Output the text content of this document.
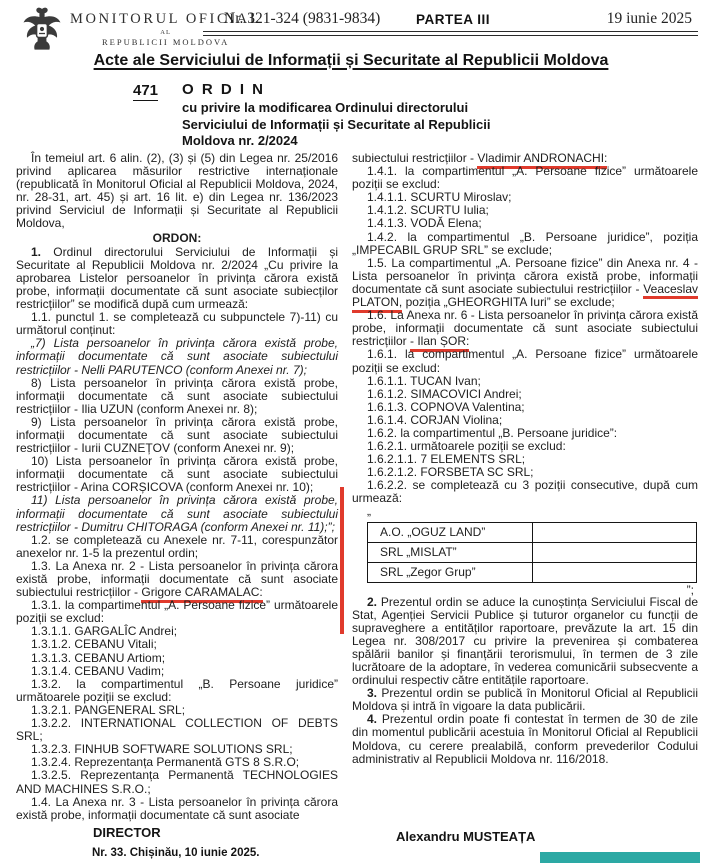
MONITORUL OFICIAL
AL
REPUBLICII MOLDOVA
Nr. 321-324 (9831-9834)	PARTEA III	19 iunie 2025
Acte ale Serviciului de Informații și Securitate al Republicii Moldova
471 O R D I N
cu privire la modificarea Ordinului directorului
Serviciului de Informații și Securitate al Republicii
Moldova nr. 2/2024

În temeiul art. 6 alin. (2), (3) și (5) din Legea nr. 25/2016 privind aplicarea măsurilor restrictive internaționale (republicată în Monitorul Oficial al Republicii Moldova, 2024, nr. 28-31, art. 45) și art. 16 lit. e) din Legea nr. 136/2023 privind Serviciul de Informații și Securitate al Republicii Moldova,

ORDON:

1. Ordinul directorului Serviciului de Informații și Securitate al Republicii Moldova nr. 2/2024 „Cu privire la aprobarea Listelor persoanelor în privința cărora există probe, informații documentate că sunt asociate subiecților restricțiilor” se modifică după cum urmează:

1.1. punctul 1. se completează cu subpunctele 7)-11) cu următorul conținut:

„7) Lista persoanelor în privința cărora există probe, informații documentate că sunt asociate subiectului restricțiilor - Nelli PARUTENCO (conform Anexei nr. 7);

8) Lista persoanelor în privința cărora există probe, informații documentate că sunt asociate subiectului restricțiilor - Ilia UZUN (conform Anexei nr. 8);

9) Lista persoanelor în privința cărora există probe, informații documentate că sunt asociate subiectului restricțiilor - Iurii CUZNEȚOV (conform Anexei nr. 9);

10) Lista persoanelor în privința cărora există probe, informații documentate că sunt asociate subiectului restricțiilor - Arina CORȘICOVA (conform Anexei nr. 10);

11) Lista persoanelor în privința cărora există probe, informații documentate că sunt asociate subiectului restricțiilor - Dumitru CHITORAGA (conform Anexei nr. 11);”;

1.2. se completează cu Anexele nr. 7-11, corespunzător anexelor nr. 1-5 la prezentul ordin;

1.3. La Anexa nr. 2 - Lista persoanelor în privința cărora există probe, informații documentate că sunt asociate subiectului restricțiilor - Grigore CARAMALAC:

1.3.1. la compartimentul „A. Persoane fizice” următoarele poziții se exclud:

1.3.1.1. GARGALÎC Andrei;

1.3.1.2. CEBANU Vitali;

1.3.1.3. CEBANU Artiom;

1.3.1.4. CEBANU Vadim;

1.3.2. la compartimentul „B. Persoane juridice” următoarele poziții se exclud:

1.3.2.1. PANGENERAL SRL;

1.3.2.2. INTERNATIONAL COLLECTION OF DEBTS SRL;

1.3.2.3. FINHUB SOFTWARE SOLUTIONS SRL;

1.3.2.4. Reprezentanța Permanentă GTS 8 S.R.O;

1.3.2.5. Reprezentanța Permanentă TECHNOLOGIES AND MACHINES S.R.O.;

1.4. La Anexa nr. 3 - Lista persoanelor în privința cărora există probe, informații documentate că sunt asociate

subiectului restricțiilor - Vladimir ANDRONACHI:

1.4.1. la compartimentul „A. Persoane fizice” următoarele poziții se exclud:

1.4.1.1. SCURTU Miroslav;

1.4.1.2. SCURTU Iulia;

1.4.1.3. VODĂ Elena;

1.4.2. la compartimentul „B. Persoane juridice”, poziția „IMPECABIL GRUP SRL” se exclude;

1.5. La compartimentul „A. Persoane fizice” din Anexa nr. 4 - Lista persoanelor în privința cărora există probe, informații documentate că sunt asociate subiectului restricțiilor - Veaceslav PLATON, poziția „GHEORGHITA Iuri” se exclude;

1.6. La Anexa nr. 6 - Lista persoanelor în privința cărora există probe, informații documentate că sunt asociate subiectului restricțiilor - Ilan ȘOR:

1.6.1. la compartimentul „A. Persoane fizice” următoarele poziții se exclud:

1.6.1.1. TUCAN Ivan;

1.6.1.2. SIMACOVICI Andrei;

1.6.1.3. COPNOVA Valentina;

1.6.1.4. CORJAN Violina;

1.6.2. la compartimentul „B. Persoane juridice”:

1.6.2.1. următoarele poziții se exclud:

1.6.2.1.1. 7 ELEMENTS SRL;

1.6.2.1.2. FORSBETA SC SRL;

1.6.2.2. se completează cu 3 poziții consecutive, după cum urmează:

„
A.O. „OGUZ LAND”	
SRL „MISLAT”	
SRL „Zegor Grup”	
”;

2. Prezentul ordin se aduce la cunoștința Serviciului Fiscal de Stat, Agenției Servicii Publice și tuturor organelor cu funcții de supraveghere a entităților raportoare, prevăzute la art. 15 din Legea nr. 308/2017 cu privire la prevenirea și combaterea spălării banilor și finanțării terorismului, în termen de 3 zile lucrătoare de la adoptare, în vederea comunicării subsecvente a ordinului respectiv către entitățile raportoare.

3. Prezentul ordin se publică în Monitorul Oficial al Republicii Moldova și intră în vigoare la data publicării.

4. Prezentul ordin poate fi contestat în termen de 30 de zile din momentul publicării acestuia în Monitorul Oficial al Republicii Moldova, cu cerere prealabilă, conform prevederilor Codului administrativ al Republicii Moldova nr. 116/2018.

DIRECTOR	Alexandru MUSTEAȚA
Nr. 33. Chișinău, 10 iunie 2025.
